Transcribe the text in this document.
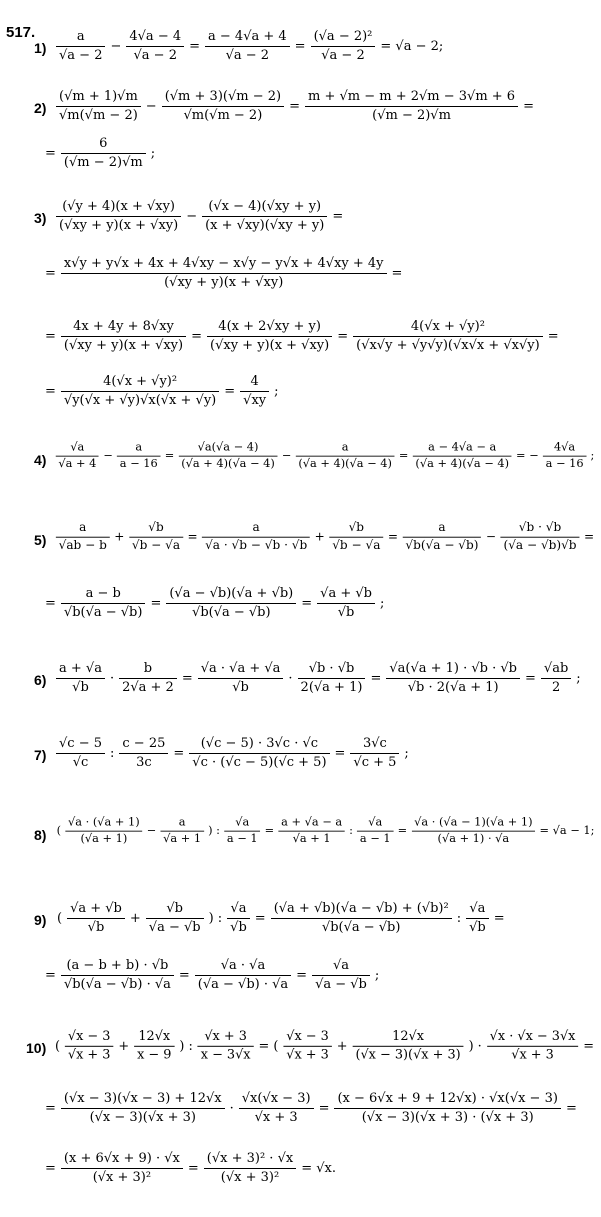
517.
$1) \frac{a}{√a - 2} - \frac{4√a - 4}{√a - 2} = \frac{a - 4√a + 4}{√a - 2} = \frac{\text{(√a − 2)²}}{√a - 2} = √a - 2$;
$2) \frac{(√m + 1)√m}{√m(√m - 2)} - \frac{(√m + 3)(√m - 2)}{√m(√m - 2)} = \frac{m + √m - m + 2√m - 3√m + 6}{(√m - 2)√m}$ =
= $\frac{6}{(√m - 2)√m}$ ;
$3) \frac{(√y + 4)(x + √xy)}{(√xy + y)(x + √xy)} - \frac{(√x - 4)(√xy + y)}{(x + √xy)(√xy + y)}$ =
= $\frac{x√y + y√x + 4x + 4√xy - x√y - y√x + 4√xy + 4y}{(√xy + y)(x + √xy)}$ =
= $\frac{4x + 4y + 8√xy}{(√xy + y)(x + √xy)} = \frac{4(x + 2√xy + y)}{(√xy + y)(x + √xy)} = \frac{\text{4(√x + √y)²}}{(√x√y + √y√y)(√x√x + √x√y)}$ =
= $\frac{\text{4(√x + √y)²}}{√y(√x + √y)√x(√x + √y)} = \frac{4}{√xy}$ ;
$4) \frac{√a}{√a + 4} - \frac{a}{a - 16} = \frac{√a(√a - 4)}{(√a + 4)(√a - 4)} - \frac{a}{(√a + 4)(√a - 4)} = \frac{a - 4√a - a}{(√a + 4)(√a - 4)}$ = − $\frac{4√a}{a - 16}$ ;
$5) \frac{a}{√ab - b} + \frac{√b}{√b - √a} = \frac{a}{√a \cdot √b - √b \cdot √b} + \frac{√b}{√b - √a} = \frac{a}{√b(√a - √b)} - \frac{√b \cdot √b}{(√a - √b)√b}$ =
= $\frac{a - b}{√b(√a - √b)} = \frac{(√a - √b)(√a + √b)}{√b(√a - √b)} = \frac{√a + √b}{√b}$ ;
$6) \frac{a + √a}{√b} \cdot \frac{b}{2√a + 2} = \frac{√a \cdot √a + √a}{√b} \cdot \frac{√b \cdot √b}{2(√a + 1)} = \frac{√a(√a + 1) \cdot √b \cdot √b}{√b \cdot 2(√a + 1)} = \frac{√ab}{2}$ ;
$7) \frac{√c - 5}{√c}$ : $\frac{c - 25}{3c} = \frac{(√c - 5) \cdot 3√c \cdot √c}{√c \cdot (√c - 5)(√c + 5)} = \frac{3√c}{√c + 5}$ ;
8) ( $\frac{√a \cdot (√a + 1)}{(√a + 1)} - \frac{a}{√a + 1}$ ) : $\frac{√a}{a - 1} = \frac{a + √a - a}{√a + 1}$ : $\frac{√a}{a - 1} = \frac{√a \cdot (√a - 1)(√a + 1)}{(√a + 1) \cdot √a} = √a - 1$;
9) ( $\frac{√a + √b}{√b} + \frac{√b}{√a - √b}$ ) : $\frac{√a}{√b} = \frac{\text{(√a + √b)(√a − √b) + (√b)²}}{√b(√a - √b)}$ : $\frac{√a}{√b}$ =
= $\frac{(a - b + b) \cdot √b}{√b(√a - √b) \cdot √a} = \frac{√a \cdot √a}{(√a - √b) \cdot √a} = \frac{√a}{√a - √b}$ ;
10) ( $\frac{√x - 3}{√x + 3} + \frac{12√x}{x - 9}$ ) : $\frac{√x + 3}{x - 3√x}$ = ( $\frac{√x - 3}{√x + 3} + \frac{12√x}{(√x - 3)(√x + 3)}$ ) · $\frac{√x \cdot √x - 3√x}{√x + 3}$ =
= $\frac{(√x - 3)(√x - 3) + 12√x}{(√x - 3)(√x + 3)} \cdot \frac{√x(√x - 3)}{√x + 3} = \frac{(x - 6√x + 9 + 12√x) \cdot √x(√x - 3)}{(√x - 3)(√x + 3) \cdot (√x + 3)}$ =
= $\frac{(x + 6√x + 9) \cdot √x}{\text{(√x + 3)²}} = \frac{\text{(√x + 3)² · √x}}{\text{(√x + 3)²}} = √x$.
